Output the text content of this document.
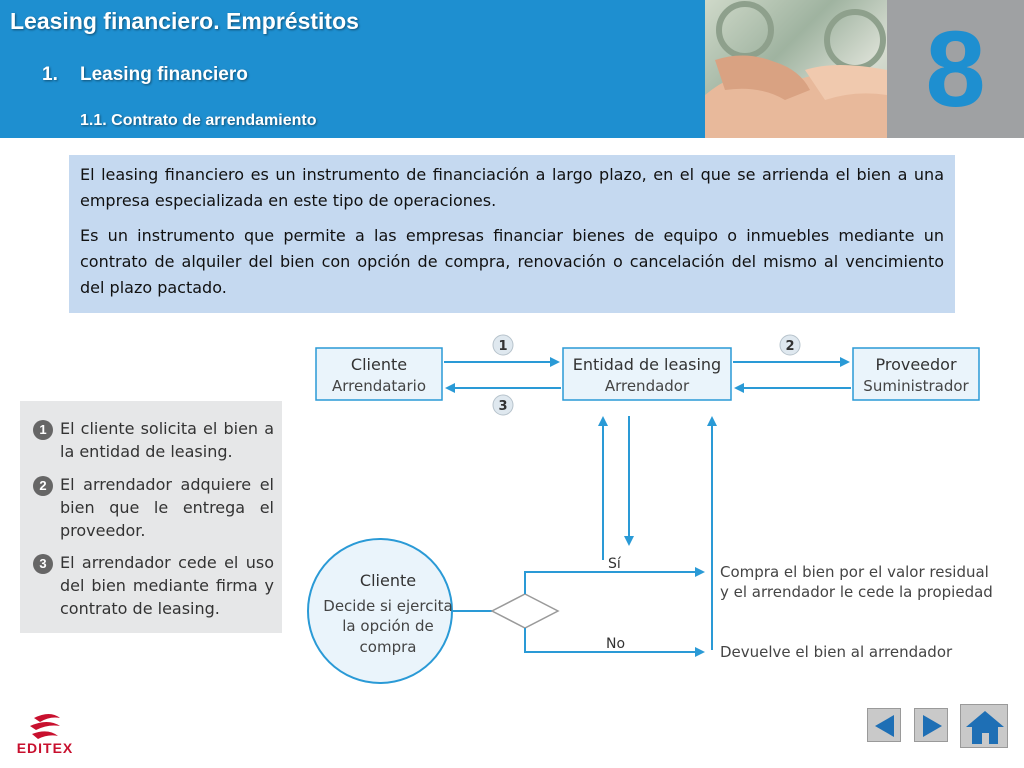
Leasing financiero. Empréstitos
1. Leasing financiero
1.1. Contrato de arrendamiento	8

El leasing financiero es un instrumento de financiación a largo plazo, en el que se arrienda el bien a una empresa especializada en este tipo de operaciones.

Es un instrumento que permite a las empresas financiar bienes de equipo o inmuebles mediante un contrato de alquiler del bien con opción de compra, renovación o cancelación del mismo al vencimiento del plazo pactado.

1 El cliente solicita el bien a la entidad de leasing.
2 El arrendador adquiere el bien que le entrega el proveedor.
3 El arrendador cede el uso del bien mediante firma y contrato de leasing.
Cliente
Arrendatario
Entidad de leasing
Arrendador
Proveedor
Suministrador
1	2
3
Cliente
Decide si ejercita
la opción de
compra
Sí
No
Compra el bien por el valor residual
y el arrendador le cede la propiedad
Devuelve el bien al arrendador
EDITEX
